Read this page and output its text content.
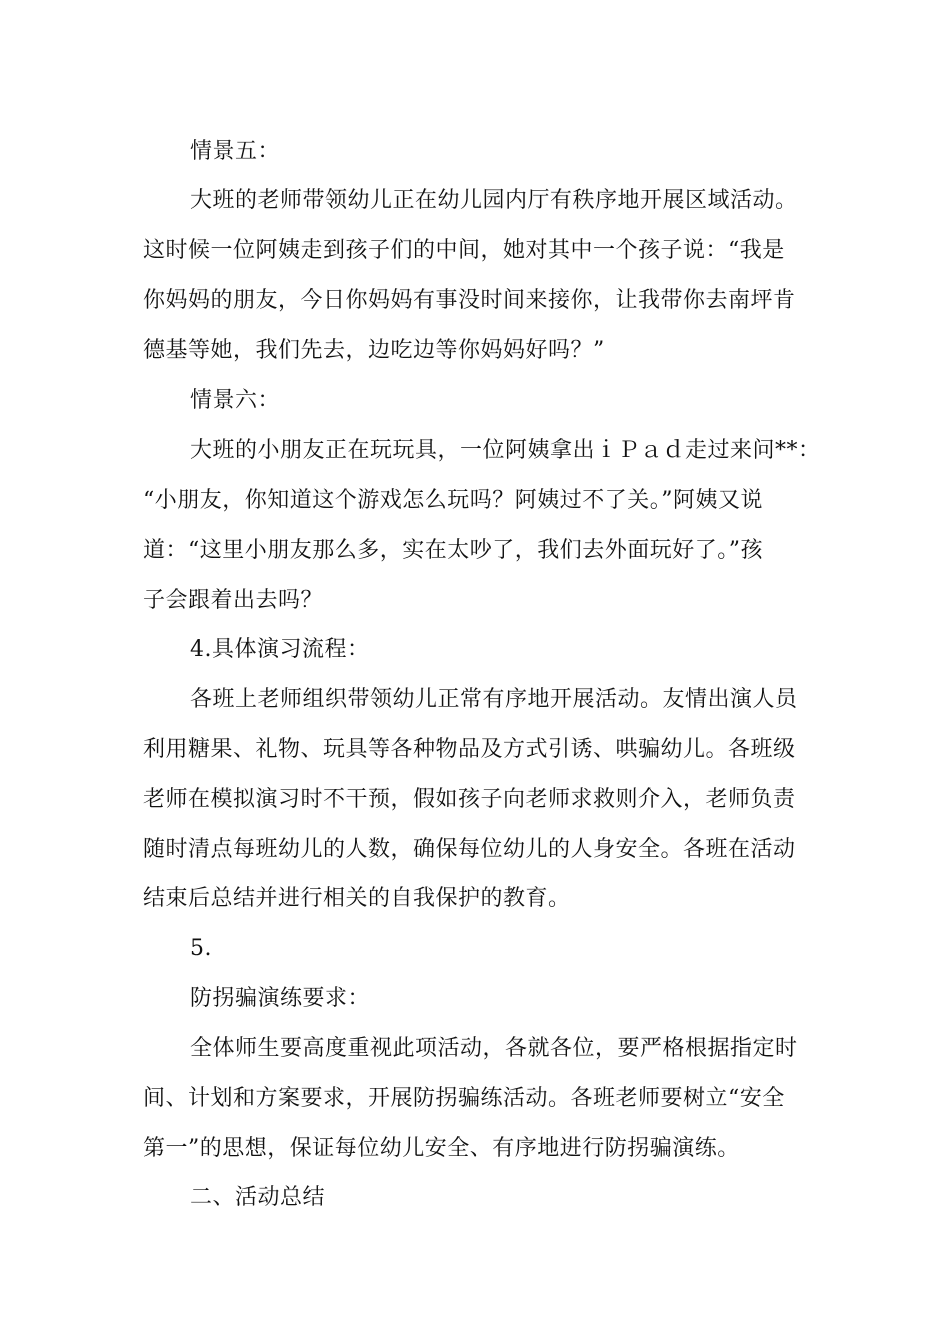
情景五：
大班的老师带领幼儿正在幼儿园内厅有秩序地开展区域活动。
这时候一位阿姨走到孩子们的中间，她对其中一个孩子说：“我是
你妈妈的朋友，今日你妈妈有事没时间来接你，让我带你去南坪肯
德基等她，我们先去，边吃边等你妈妈好吗？”
情景六：
大班的小朋友正在玩玩具，一位阿姨拿出ｉＰａｄ走过来问**：
“小朋友，你知道这个游戏怎么玩吗？阿姨过不了关。”阿姨又说
道：“这里小朋友那么多，实在太吵了，我们去外面玩好了。”孩
子会跟着出去吗？
4.具体演习流程：
各班上老师组织带领幼儿正常有序地开展活动。友情出演人员
利用糖果、礼物、玩具等各种物品及方式引诱、哄骗幼儿。各班级
老师在模拟演习时不干预，假如孩子向老师求救则介入，老师负责
随时清点每班幼儿的人数，确保每位幼儿的人身安全。各班在活动
结束后总结并进行相关的自我保护的教育。
5.
防拐骗演练要求：
全体师生要高度重视此项活动，各就各位，要严格根据指定时
间、计划和方案要求，开展防拐骗练活动。各班老师要树立“安全
第一”的思想，保证每位幼儿安全、有序地进行防拐骗演练。
二、活动总结
